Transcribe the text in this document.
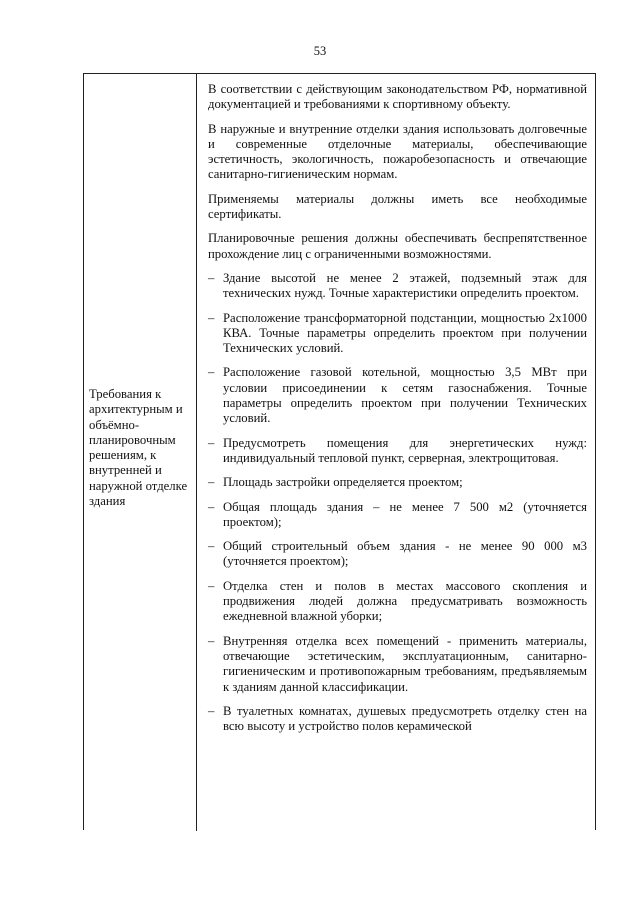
53
Требования к архитектурным и объёмно-планировочным решениям, к внутренней и наружной отделке здания

В соответствии с действующим законодательством РФ, нормативной документацией и требованиями к спортивному объекту.

В наружные и внутренние отделки здания использовать долговечные и современные отделочные материалы, обеспечивающие эстетичность, экологичность, пожаробезопасность и отвечающие санитарно-гигиеническим нормам.

Применяемы материалы должны иметь все необходимые сертификаты.

Планировочные решения должны обеспечивать беспрепятственное прохождение лиц с ограниченными возможностями.

– Здание высотой не менее 2 этажей, подземный этаж для технических нужд. Точные характеристики определить проектом.
– Расположение трансформаторной подстанции, мощностью 2х1000 КВА. Точные параметры определить проектом при получении Технических условий.
– Расположение газовой котельной, мощностью 3,5 МВт при условии присоединении к сетям газоснабжения. Точные параметры определить проектом при получении Технических условий.
– Предусмотреть помещения для энергетических нужд: индивидуальный тепловой пункт, серверная, электрощитовая.
– Площадь застройки определяется проектом;
– Общая площадь здания – не менее 7 500 м2 (уточняется проектом);
– Общий строительный объем здания - не менее 90 000 м3 (уточняется проектом);
– Отделка стен и полов в местах массового скопления и продвижения людей должна предусматривать возможность ежедневной влажной уборки;
– Внутренняя отделка всех помещений - применить материалы, отвечающие эстетическим, эксплуатационным, санитарно-гигиеническим и противопожарным требованиям, предъявляемым к зданиям данной классификации.
– В туалетных комнатах, душевых предусмотреть отделку стен на всю высоту и устройство полов керамической
